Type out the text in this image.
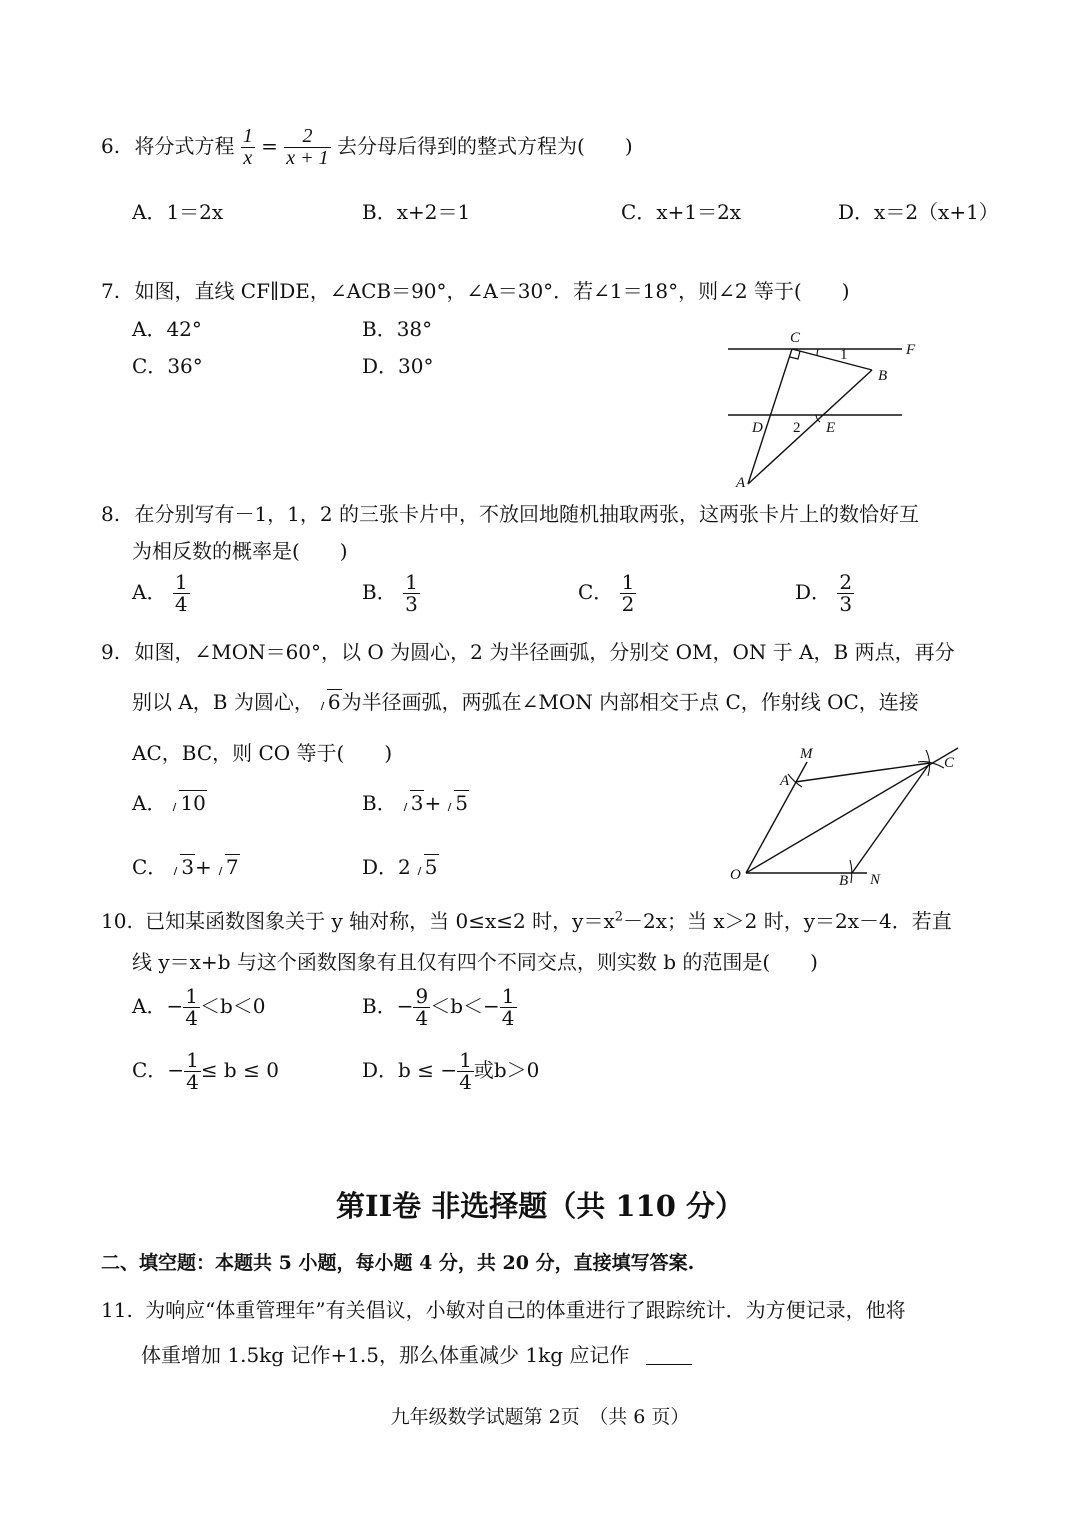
6. 将分式方程 $\frac{1}{x} = \frac{2}{x + 1}$ 去分母后得到的整式方程为(　　)
A．1＝2x	B．x+2＝1	C．x+1＝2x	D．x＝2（x+1）
7. 如图，直线 CF∥DE，∠ACB＝90°，∠A＝30°．若∠1＝18°，则∠2 等于(　　)
A．42°	B．38°
C．36°	D．30°
C
F
B
D	E
A
1
2
8. 在分别写有－1，1，2 的三张卡片中，不放回地随机抽取两张，这两张卡片上的数恰好互
为相反数的概率是(　　)
A． $\frac{1}{4}$	B． $\frac{1}{3}$	C． $\frac{1}{2}$	D． $\frac{2}{3}$
9. 如图，∠MON＝60°，以 O 为圆心，2 为半径画弧，分别交 OM，ON 于 A，B 两点，再分
别以 A，B 为圆心， 6为半径画弧，两弧在∠MON 内部相交于点 C，作射线 OC，连接
AC，BC，则 CO 等于(　　)
A． 10	B． 3+ 5
C． 3+ 7	D．2 5
M
A
C
O	B N
10. 已知某函数图象关于 y 轴对称，当 0≤x≤2 时，$y=x^2-2x$；当 x＞2 时，y＝2x－4．若直
线 y＝x+b 与这个函数图象有且仅有四个不同交点，则实数 b 的范围是(　　)
A．− $\frac{1}{4} <b<0$	B．− $\frac{9}{4} <b<- \frac{1}{4}$
C．− $\frac{1}{4} \le b \le 0$	D．b ≤ − $\frac{1}{4}$ 或b＞0
第II卷 非选择题（共 110 分）
二、填空题：本题共 5 小题，每小题 4 分，共 20 分，直接填写答案.
11. 为响应“体重管理年”有关倡议，小敏对自己的体重进行了跟踪统计．为方便记录，他将
体重增加 1.5kg 记作+1.5，那么体重减少 1kg 应记作
九年级数学试题第 2页　（共 6 页）
